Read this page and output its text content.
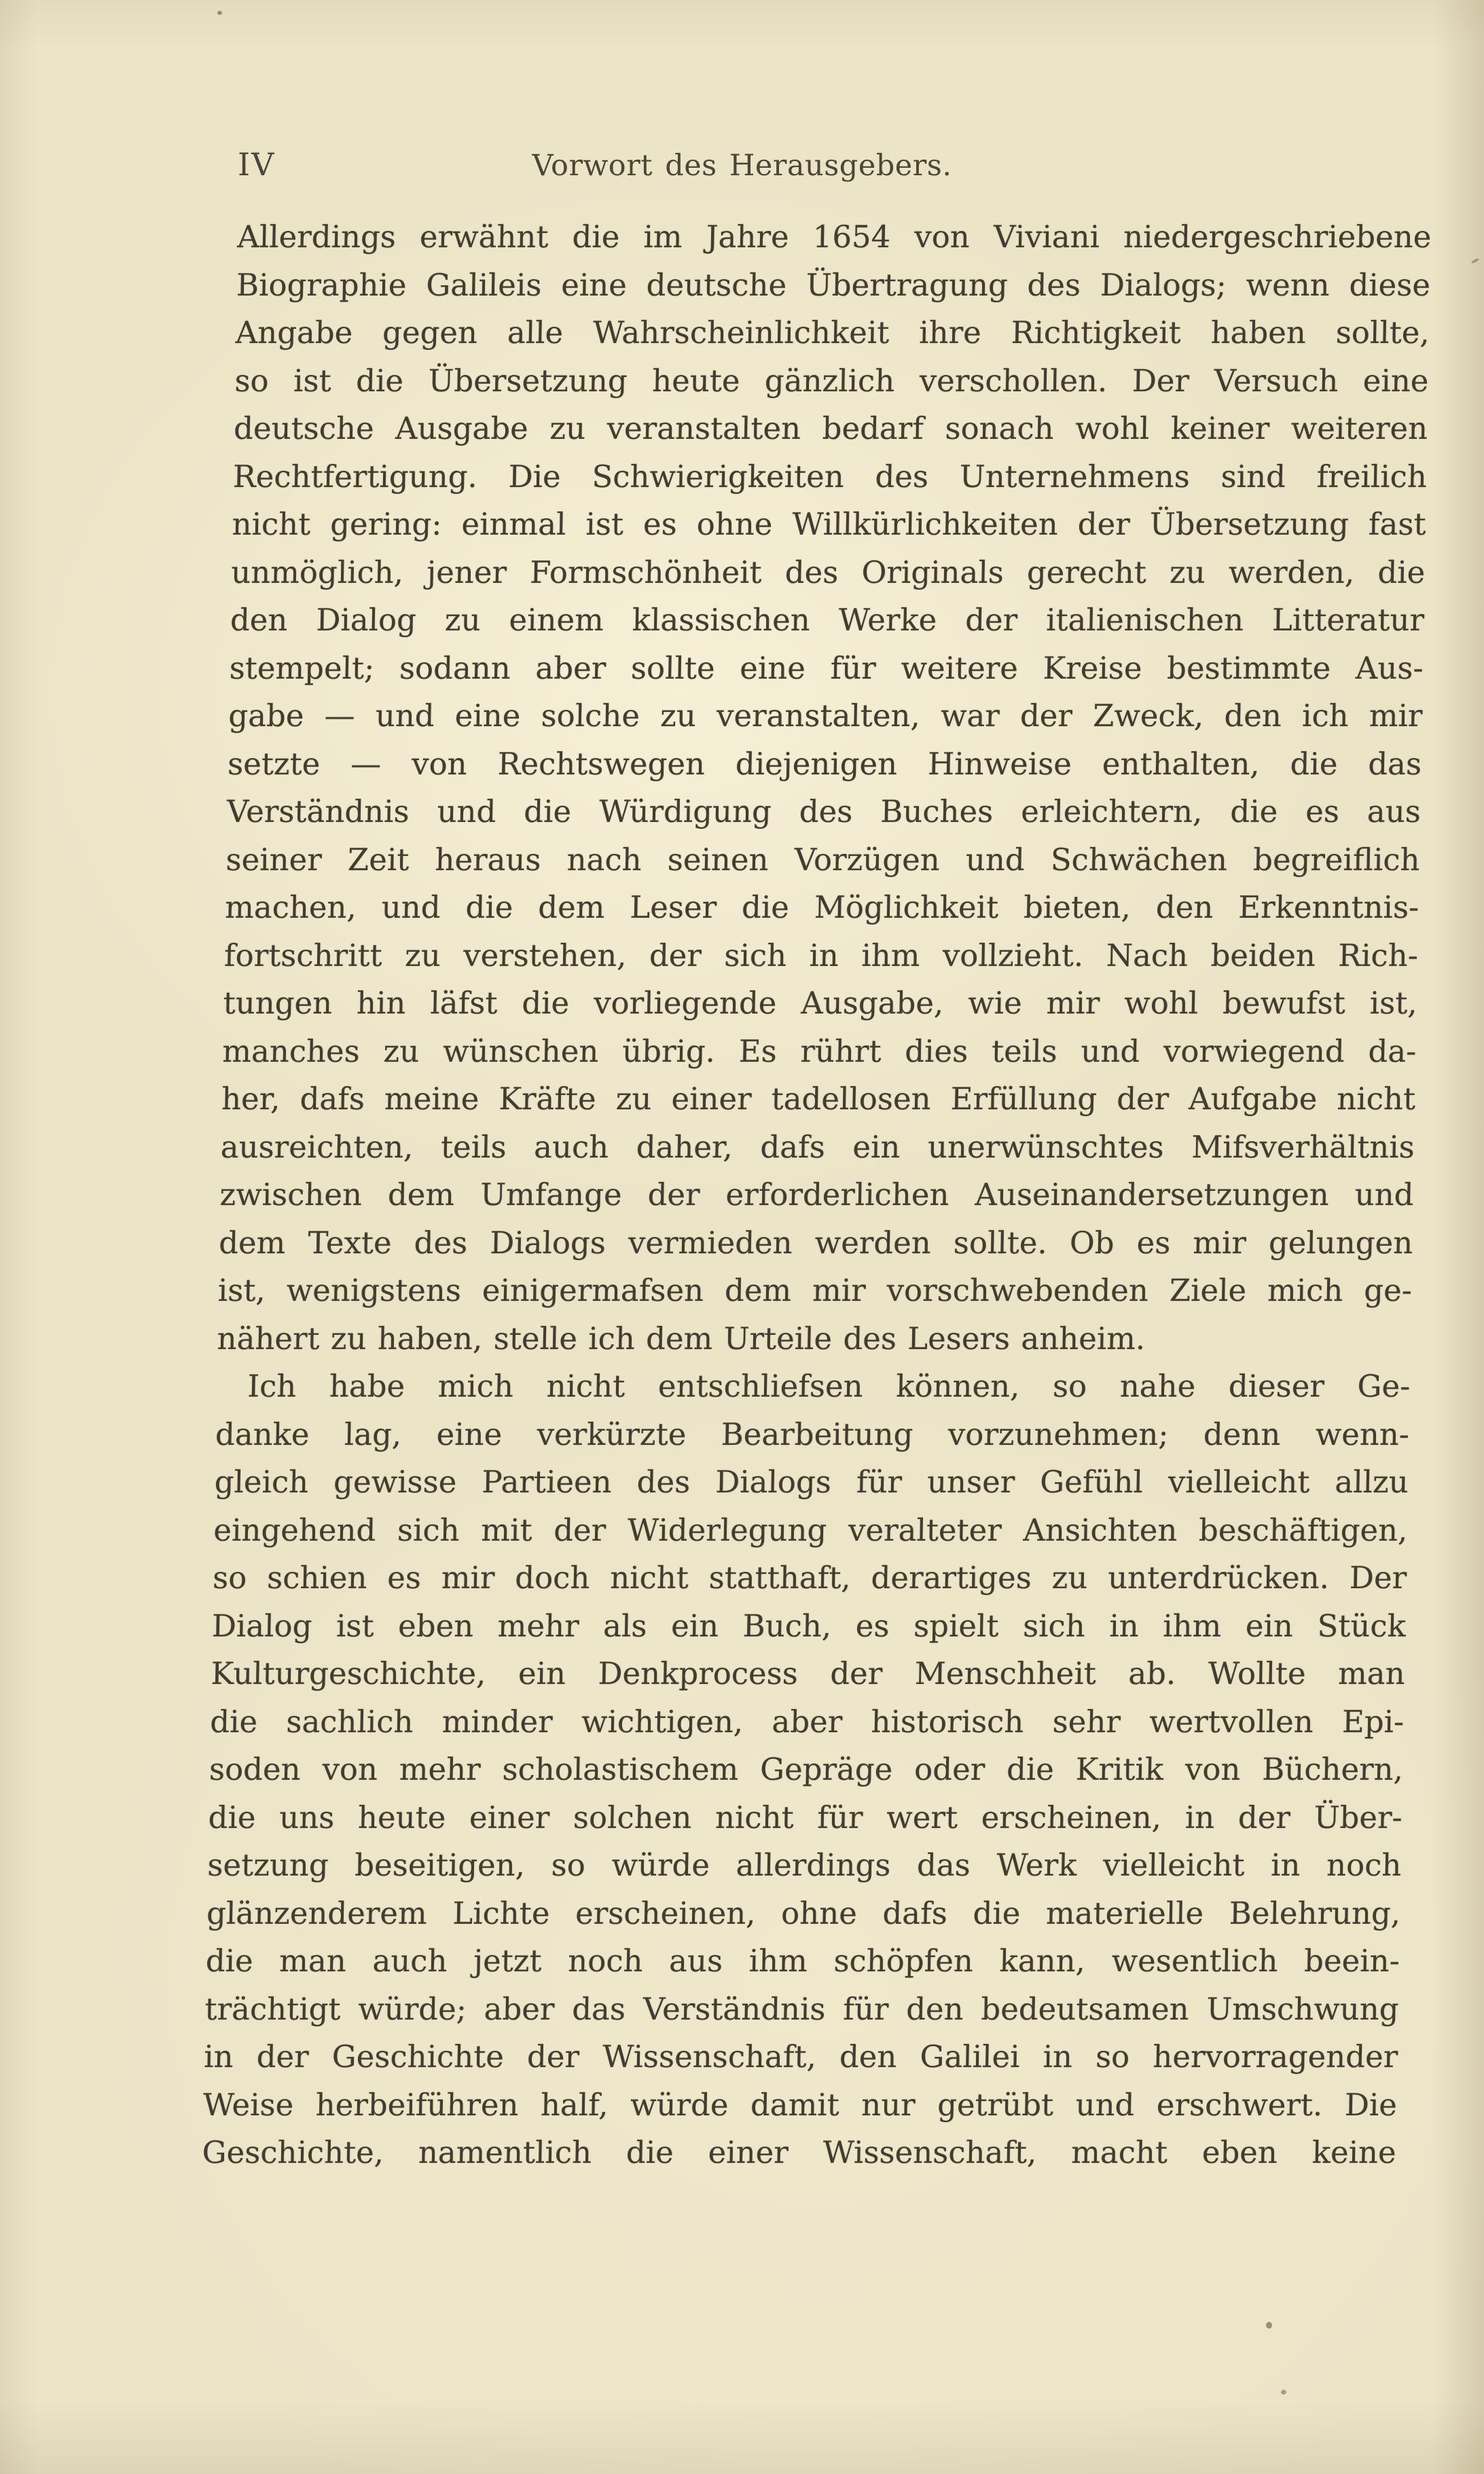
IV	Vorwort des Herausgebers.
Allerdings erwähnt die im Jahre 1654 von Viviani niedergeschriebene
Biographie Galileis eine deutsche Übertragung des Dialogs; wenn diese
Angabe gegen alle Wahrscheinlichkeit ihre Richtigkeit haben sollte,
so ist die Übersetzung heute gänzlich verschollen. Der Versuch eine
deutsche Ausgabe zu veranstalten bedarf sonach wohl keiner weiteren
Rechtfertigung. Die Schwierigkeiten des Unternehmens sind freilich
nicht gering: einmal ist es ohne Willkürlichkeiten der Übersetzung fast
unmöglich, jener Formschönheit des Originals gerecht zu werden, die
den Dialog zu einem klassischen Werke der italienischen Litteratur
stempelt; sodann aber sollte eine für weitere Kreise bestimmte Aus-
gabe — und eine solche zu veranstalten, war der Zweck, den ich mir
setzte — von Rechtswegen diejenigen Hinweise enthalten, die das
Verständnis und die Würdigung des Buches erleichtern, die es aus
seiner Zeit heraus nach seinen Vorzügen und Schwächen begreiflich
machen, und die dem Leser die Möglichkeit bieten, den Erkenntnis-
fortschritt zu verstehen, der sich in ihm vollzieht. Nach beiden Rich-
tungen hin läfst die vorliegende Ausgabe, wie mir wohl bewufst ist,
manches zu wünschen übrig. Es rührt dies teils und vorwiegend da-
her, dafs meine Kräfte zu einer tadellosen Erfüllung der Aufgabe nicht
ausreichten, teils auch daher, dafs ein unerwünschtes Mifsverhältnis
zwischen dem Umfange der erforderlichen Auseinandersetzungen und
dem Texte des Dialogs vermieden werden sollte. Ob es mir gelungen
ist, wenigstens einigermafsen dem mir vorschwebenden Ziele mich ge-
nähert zu haben, stelle ich dem Urteile des Lesers anheim.
Ich habe mich nicht entschliefsen können, so nahe dieser Ge-
danke lag, eine verkürzte Bearbeitung vorzunehmen; denn wenn-
gleich gewisse Partieen des Dialogs für unser Gefühl vielleicht allzu
eingehend sich mit der Widerlegung veralteter Ansichten beschäftigen,
so schien es mir doch nicht statthaft, derartiges zu unterdrücken. Der
Dialog ist eben mehr als ein Buch, es spielt sich in ihm ein Stück
Kulturgeschichte, ein Denkprocess der Menschheit ab. Wollte man
die sachlich minder wichtigen, aber historisch sehr wertvollen Epi-
soden von mehr scholastischem Gepräge oder die Kritik von Büchern,
die uns heute einer solchen nicht für wert erscheinen, in der Über-
setzung beseitigen, so würde allerdings das Werk vielleicht in noch
glänzenderem Lichte erscheinen, ohne dafs die materielle Belehrung,
die man auch jetzt noch aus ihm schöpfen kann, wesentlich beein-
trächtigt würde; aber das Verständnis für den bedeutsamen Umschwung
in der Geschichte der Wissenschaft, den Galilei in so hervorragender
Weise herbeiführen half, würde damit nur getrübt und erschwert. Die
Geschichte, namentlich die einer Wissenschaft, macht eben keine
